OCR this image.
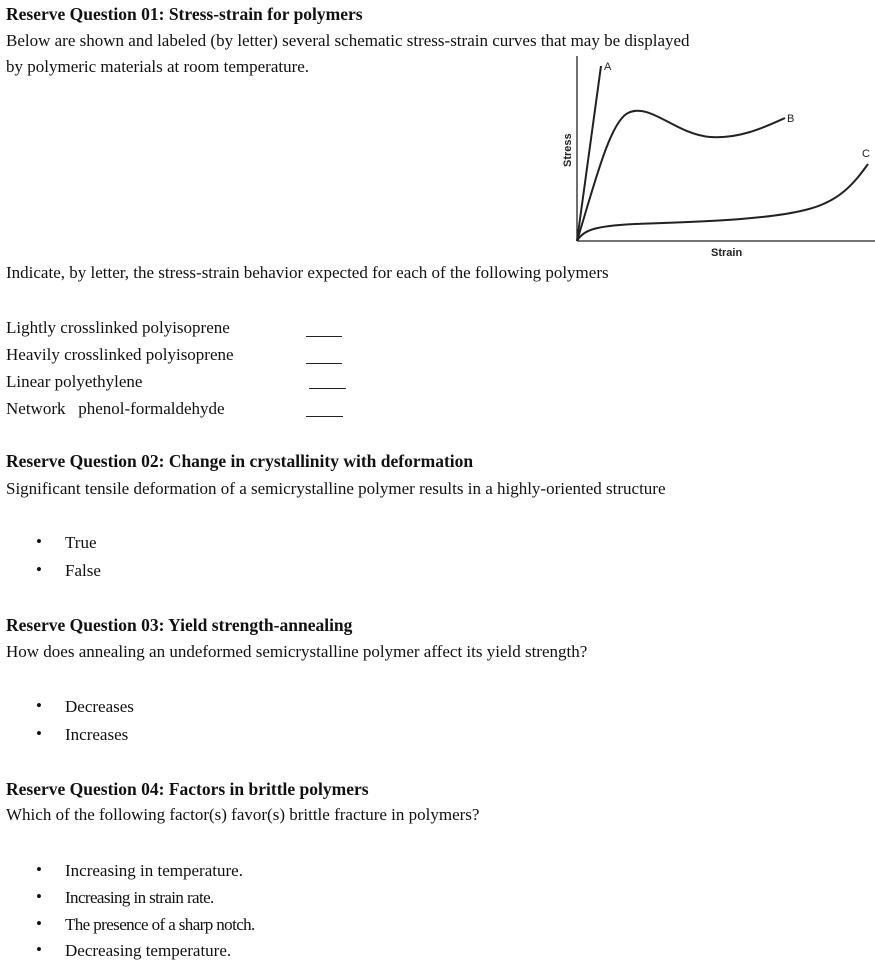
Reserve Question 01: Stress-strain for polymers
Below are shown and labeled (by letter) several schematic stress-strain curves that may be displayed
by polymeric materials at room temperature.	A
B
C
Stress
Strain
Indicate, by letter, the stress-strain behavior expected for each of the following polymers
Lightly crosslinked polyisoprene
Heavily crosslinked polyisoprene
Linear polyethylene
Network   phenol-formaldehyde
Reserve Question 02: Change in crystallinity with deformation
Significant tensile deformation of a semicrystalline polymer results in a highly-oriented structure
• True
• False
Reserve Question 03: Yield strength-annealing
How does annealing an undeformed semicrystalline polymer affect its yield strength?
• Decreases
• Increases
Reserve Question 04: Factors in brittle polymers
Which of the following factor(s) favor(s) brittle fracture in polymers?
• Increasing in temperature.
• Increasing in strain rate.
• The presence of a sharp notch.
• Decreasing temperature.
